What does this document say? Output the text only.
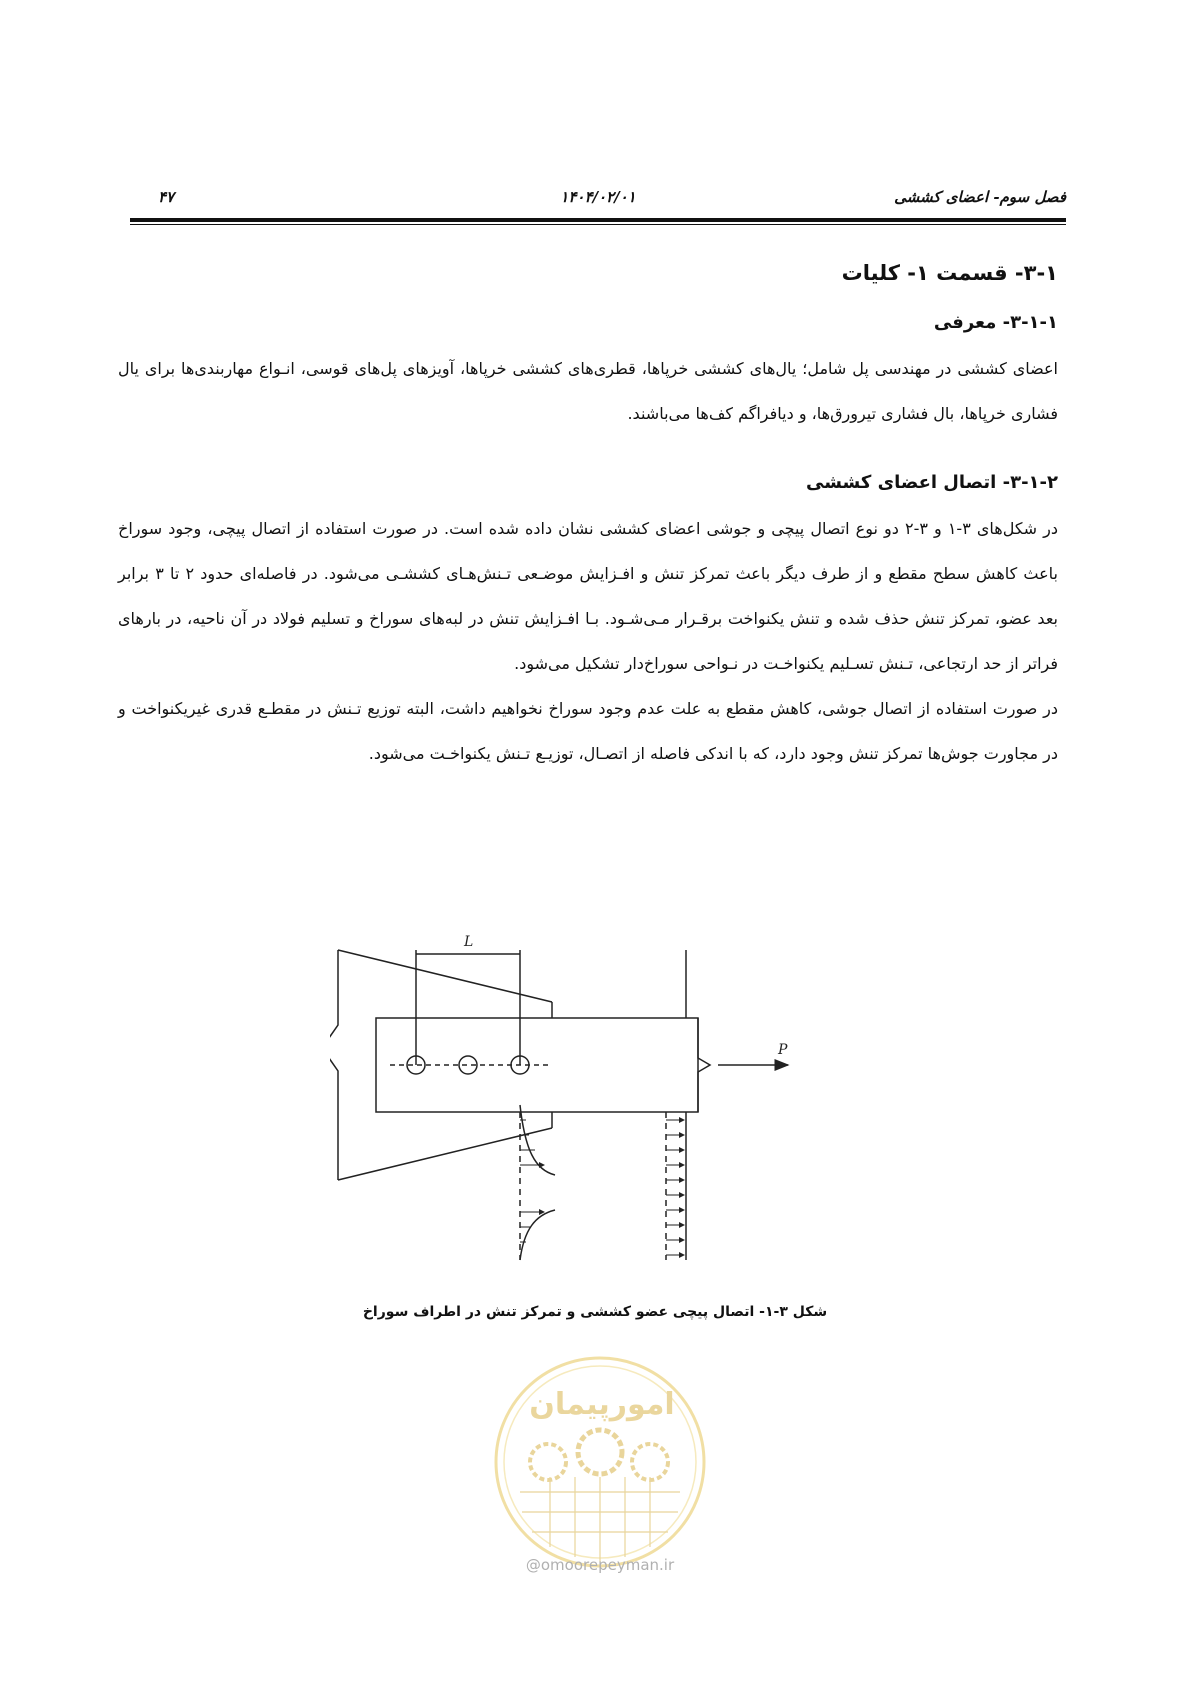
فصل سوم- اعضای کششی
۱۴۰۴/۰۲/۰۱
۴۷
۳-۱- قسمت ۱- کلیات
۳-۱-۱- معرفی

اعضای کششی در مهندسی پل شامل؛ یال‌های کششی خرپاها، قطری‌های کششی خرپاها، آویزهای پل‌های قوسی، انـواع مهاربندی‌ها برای یال فشاری خرپاها، بال فشاری تیرورق‌ها، و دیافراگم کف‌ها می‌باشند.

۳-۱-۲- اتصال اعضای کششی

در شکل‌های ۳-۱ و ۳-۲ دو نوع اتصال پیچی و جوشی اعضای کششی نشان داده شده است. در صورت استفاده از اتصال پیچی، وجود سوراخ باعث کاهش سطح مقطع و از طرف دیگر باعث تمرکز تنش و افـزایش موضـعی تـنش‌هـای کششـی می‌شود. در فاصله‌ای حدود ۲ تا ۳ برابر بعد عضو، تمرکز تنش حذف شده و تنش یکنواخت برقـرار مـی‌شـود. بـا افـزایش تنش در لبه‌های سوراخ و تسلیم فولاد در آن ناحیه، در بارهای فراتر از حد ارتجاعی، تـنش تسـلیم یکنواخـت در نـواحی سوراخ‌دار تشکیل می‌شود.

در صورت استفاده از اتصال جوشی، کاهش مقطع به علت عدم وجود سوراخ نخواهیم داشت، البته توزیع تـنش در مقطـع قدری غیریکنواخت و در مجاورت جوش‌ها تمرکز تنش وجود دارد، که با اندکی فاصله از اتصـال، توزیـع تـنش یکنواخـت می‌شود.

L
P
شکل ۳-۱- اتصال پیچی عضو کششی و تمرکز تنش در اطراف سوراخ
امورپیمان
@omoorepeyman.ir
